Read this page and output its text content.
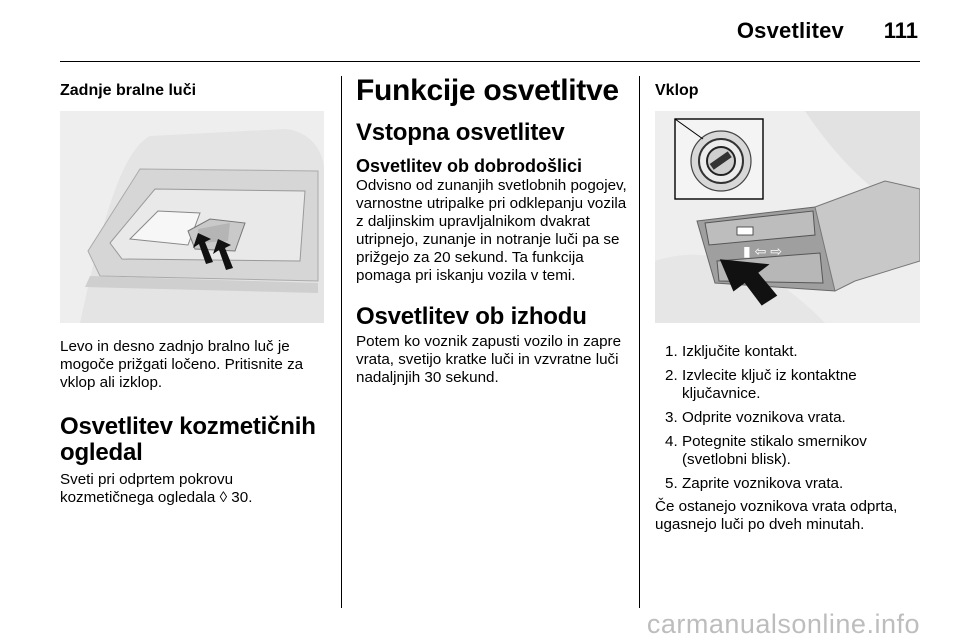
Osvetlitev 111
Zadnje bralne luči

Levo in desno zadnjo bralno luč je mogoče prižgati ločeno. Pritisnite za vklop ali izklop.

Osvetlitev kozmetičnih ogledal

Sveti pri odprtem pokrovu kozmetičnega ogledala ◊ 30.

Funkcije osvetlitve
Vstopna osvetlitev
Osvetlitev ob dobrodošlici

Odvisno od zunanjih svetlobnih pogojev, varnostne utripalke pri odklepanju vozila z daljinskim upravljalnikom dvakrat utripnejo, zunanje in notranje luči pa se prižgejo za 20 sekund. Ta funkcija pomaga pri iskanju vozila v temi.

Osvetlitev ob izhodu

Potem ko voznik zapusti vozilo in zapre vrata, svetijo kratke luči in vzvratne luči nadaljnjih 30 sekund.

Vklop
▮ ⇦ ⇨
1. Izključite kontakt.
2. Izvlecite ključ iz kontaktne ključavnice.
3. Odprite voznikova vrata.
4. Potegnite stikalo smernikov (svetlobni blisk).
5. Zaprite voznikova vrata.

Če ostanejo voznikova vrata odprta, ugasnejo luči po dveh minutah.

carmanualsonline.info
